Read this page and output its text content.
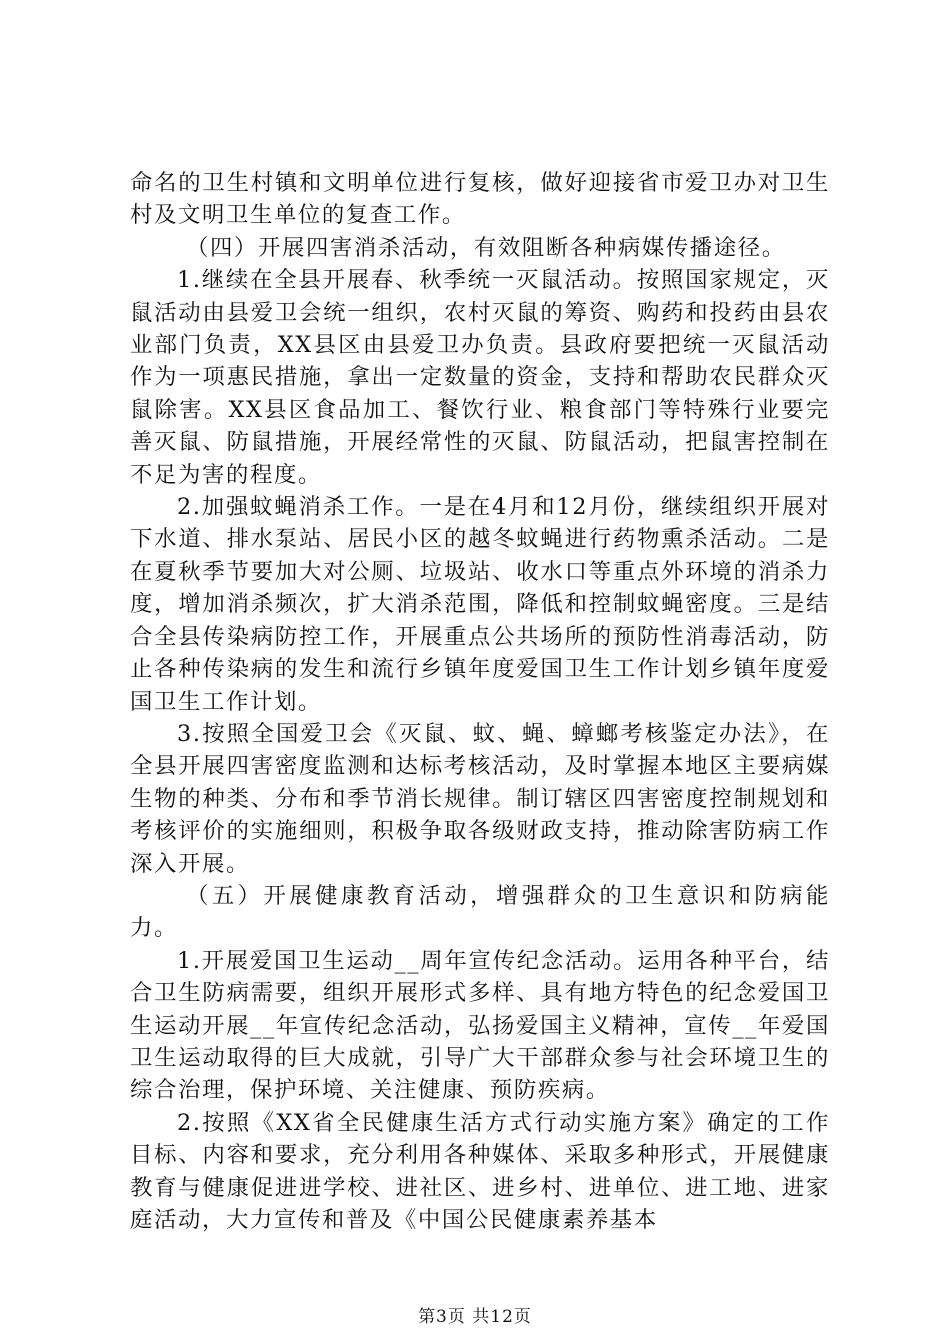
命名的卫生村镇和文明单位进行复核，做好迎接省市爱卫办对卫生村及文明卫生单位的复查工作。

（四）开展四害消杀活动，有效阻断各种病媒传播途径。

1.继续在全县开展春、秋季统一灭鼠活动。按照国家规定，灭鼠活动由县爱卫会统一组织，农村灭鼠的筹资、购药和投药由县农业部门负责，XX县区由县爱卫办负责。县政府要把统一灭鼠活动作为一项惠民措施，拿出一定数量的资金，支持和帮助农民群众灭鼠除害。XX县区食品加工、餐饮行业、粮食部门等特殊行业要完善灭鼠、防鼠措施，开展经常性的灭鼠、防鼠活动，把鼠害控制在不足为害的程度。

2.加强蚊蝇消杀工作。一是在4月和12月份，继续组织开展对下水道、排水泵站、居民小区的越冬蚊蝇进行药物熏杀活动。二是在夏秋季节要加大对公厕、垃圾站、收水口等重点外环境的消杀力度，增加消杀频次，扩大消杀范围，降低和控制蚊蝇密度。三是结合全县传染病防控工作，开展重点公共场所的预防性消毒活动，防止各种传染病的发生和流行乡镇年度爱国卫生工作计划乡镇年度爱国卫生工作计划。

3.按照全国爱卫会《灭鼠、蚊、蝇、蟑螂考核鉴定办法》，在全县开展四害密度监测和达标考核活动，及时掌握本地区主要病媒生物的种类、分布和季节消长规律。制订辖区四害密度控制规划和考核评价的实施细则，积极争取各级财政支持，推动除害防病工作深入开展。

（五）开展健康教育活动，增强群众的卫生意识和防病能力。

1.开展爱国卫生运动__周年宣传纪念活动。运用各种平台，结合卫生防病需要，组织开展形式多样、具有地方特色的纪念爱国卫生运动开展__年宣传纪念活动，弘扬爱国主义精神，宣传__年爱国卫生运动取得的巨大成就，引导广大干部群众参与社会环境卫生的综合治理，保护环境、关注健康、预防疾病。

2.按照《XX省全民健康生活方式行动实施方案》确定的工作目标、内容和要求，充分利用各种媒体、采取多种形式，开展健康教育与健康促进进学校、进社区、进乡村、进单位、进工地、进家庭活动，大力宣传和普及《中国公民健康素养基本

第3页 共12页
